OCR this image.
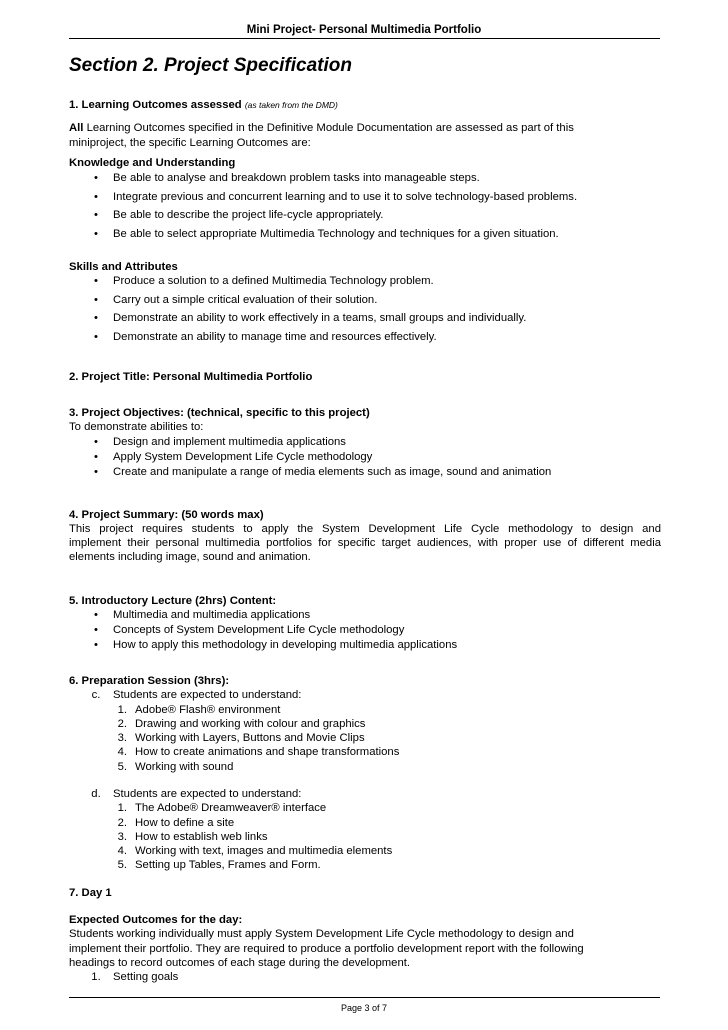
Mini Project- Personal Multimedia Portfolio
Section 2. Project Specification
1. Learning Outcomes assessed (as taken from the DMD)
All Learning Outcomes specified in the Definitive Module Documentation are assessed as part of this
miniproject, the specific Learning Outcomes are:
Knowledge and Understanding
•	Be able to analyse and breakdown problem tasks into manageable steps.
•	Integrate previous and concurrent learning and to use it to solve technology-based problems.
•	Be able to describe the project life-cycle appropriately.
•	Be able to select appropriate Multimedia Technology and techniques for a given situation.
Skills and Attributes
•	Produce a solution to a defined Multimedia Technology problem.
•	Carry out a simple critical evaluation of their solution.
•	Demonstrate an ability to work effectively in a teams, small groups and individually.
•	Demonstrate an ability to manage time and resources effectively.
2. Project Title: Personal Multimedia Portfolio
3. Project Objectives: (technical, specific to this project)
To demonstrate abilities to:
•	Design and implement multimedia applications
•	Apply System Development Life Cycle methodology
•	Create and manipulate a range of media elements such as image, sound and animation
4. Project Summary: (50 words max)
This project requires students to apply the System Development Life Cycle methodology to design and
implement their personal multimedia portfolios for specific target audiences, with proper use of different media
elements including image, sound and animation.
5. Introductory Lecture (2hrs) Content:
•	Multimedia and multimedia applications
•	Concepts of System Development Life Cycle methodology
•	How to apply this methodology in developing multimedia applications
6. Preparation Session (3hrs):
c. Students are expected to understand:
1. Adobe® Flash® environment
2. Drawing and working with colour and graphics
3. Working with Layers, Buttons and Movie Clips
4. How to create animations and shape transformations
5. Working with sound
d. Students are expected to understand:
1. The Adobe® Dreamweaver® interface
2. How to define a site
3. How to establish web links
4. Working with text, images and multimedia elements
5. Setting up Tables, Frames and Form.
7. Day 1
Expected Outcomes for the day:
Students working individually must apply System Development Life Cycle methodology to design and
implement their portfolio. They are required to produce a portfolio development report with the following
headings to record outcomes of each stage during the development.
1. Setting goals
Page 3 of 7
